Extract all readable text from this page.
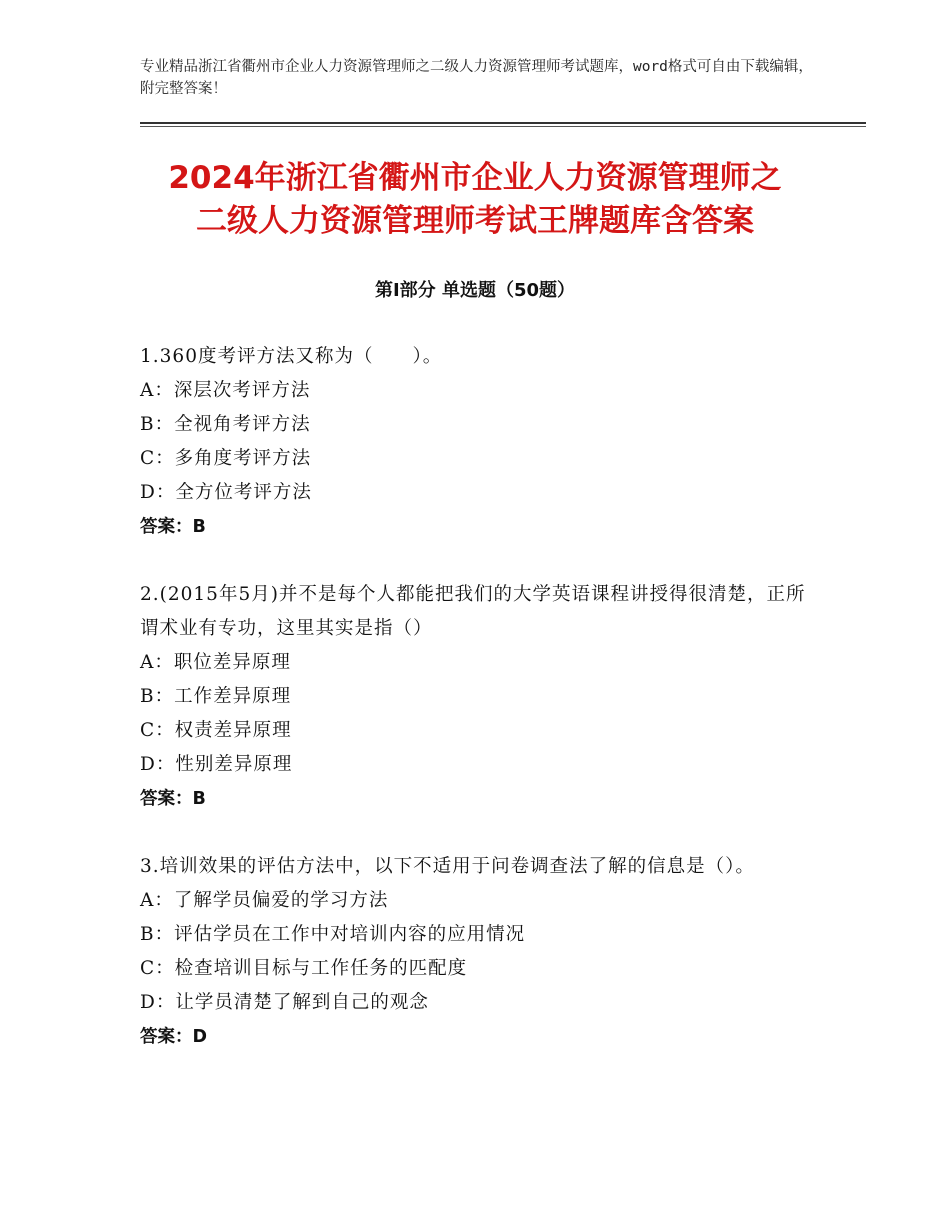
专业精品浙江省衢州市企业人力资源管理师之二级人力资源管理师考试题库，word格式可自由下载编辑，附完整答案！
2024年浙江省衢州市企业人力资源管理师之
二级人力资源管理师考试王牌题库含答案
第Ⅰ部分 单选题（50题）
1.360度考评方法又称为（　　）。
A：深层次考评方法
B：全视角考评方法
C：多角度考评方法
D：全方位考评方法
答案：B
2.(2015年5月)并不是每个人都能把我们的大学英语课程讲授得很清楚，正所谓术业有专功，这里其实是指（）
A：职位差异原理
B：工作差异原理
C：权责差异原理
D：性别差异原理
答案：B
3.培训效果的评估方法中，以下不适用于问卷调查法了解的信息是（）。
A：了解学员偏爱的学习方法
B：评估学员在工作中对培训内容的应用情况
C：检查培训目标与工作任务的匹配度
D：让学员清楚了解到自己的观念
答案：D
